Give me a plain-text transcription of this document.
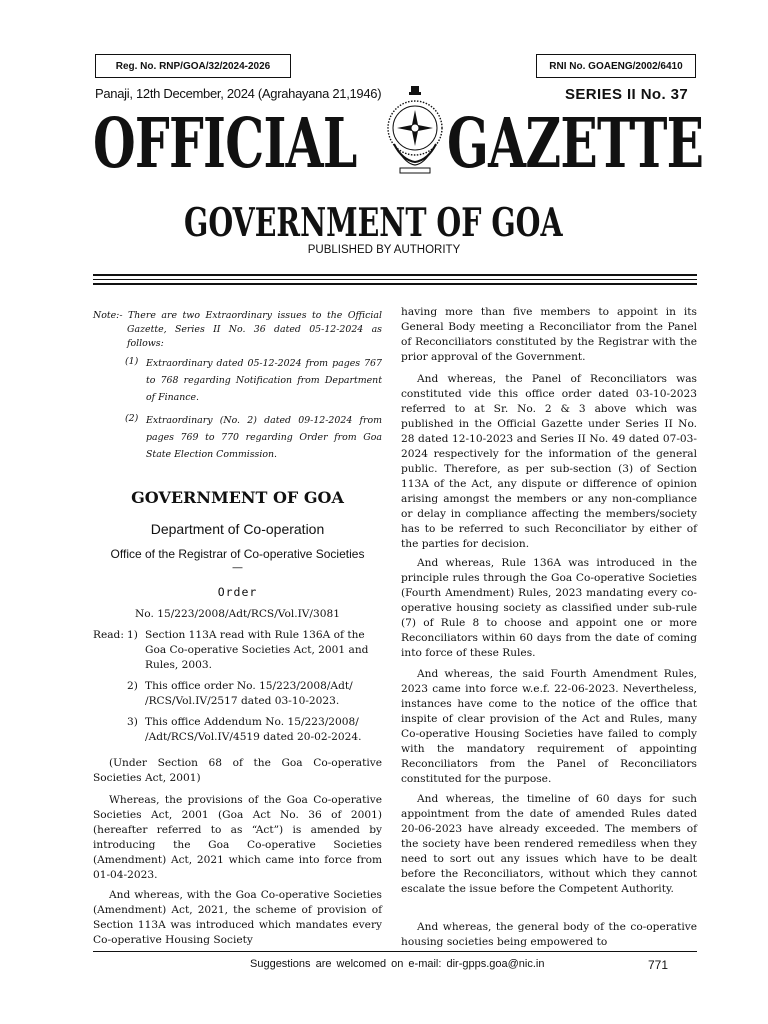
Reg. No. RNP/GOA/32/2024-2026	RNI No. GOAENG/2002/6410
Panaji, 12th December, 2024 (Agrahayana 21,1946)	SERIES II No. 37
OFFICIAL GAZETTE
GOVERNMENT OF GOA
PUBLISHED BY AUTHORITY
Note:- There are two Extraordinary issues to the Official Gazette, Series II No. 36 dated 05-12-2024 as follows:
(1) Extraordinary dated 05-12-2024 from pages 767 to 768 regarding Notification from Department of Finance.
(2) Extraordinary (No. 2) dated 09-12-2024 from pages 769 to 770 regarding Order from Goa State Election Commission.
GOVERNMENT OF GOA
Department of Co-operation
Office of the Registrar of Co-operative Societies
—
Order
No. 15/223/2008/Adt/RCS/Vol.IV/3081
Read: 1) Section 113A read with Rule 136A of the Goa Co-operative Societies Act, 2001 and Rules, 2003.
2) This office order No. 15/223/2008/Adt/ /RCS/Vol.IV/2517 dated 03-10-2023.
3) This office Addendum No. 15/223/2008/ /Adt/RCS/Vol.IV/4519 dated 20-02-2024.
(Under Section 68 of the Goa Co-operative Societies Act, 2001)
Whereas, the provisions of the Goa Co-operative Societies Act, 2001 (Goa Act No. 36 of 2001) (hereafter referred to as “Act”) is amended by introducing the Goa Co-operative Societies (Amendment) Act, 2021 which came into force from 01-04-2023.
And whereas, with the Goa Co-operative Societies (Amendment) Act, 2021, the scheme of provision of Section 113A was introduced which mandates every Co-operative Housing Society
having more than five members to appoint in its General Body meeting a Reconciliator from the Panel of Reconciliators constituted by the Registrar with the prior approval of the Government.
And whereas, the Panel of Reconciliators was constituted vide this office order dated 03-10-2023 referred to at Sr. No. 2 & 3 above which was published in the Official Gazette under Series II No. 28 dated 12-10-2023 and Series II No. 49 dated 07-03-2024 respectively for the information of the general public. Therefore, as per sub-section (3) of Section 113A of the Act, any dispute or difference of opinion arising amongst the members or any non-compliance or delay in compliance affecting the members/society has to be referred to such Reconciliator by either of the parties for decision.
And whereas, Rule 136A was introduced in the principle rules through the Goa Co-operative Societies (Fourth Amendment) Rules, 2023 mandating every co-operative housing society as classified under sub-rule (7) of Rule 8 to choose and appoint one or more Reconciliators within 60 days from the date of coming into force of these Rules.
And whereas, the said Fourth Amendment Rules, 2023 came into force w.e.f. 22-06-2023. Nevertheless, instances have come to the notice of the office that inspite of clear provision of the Act and Rules, many Co-operative Housing Societies have failed to comply with the mandatory requirement of appointing Reconciliators from the Panel of Reconciliators constituted for the purpose.
And whereas, the timeline of 60 days for such appointment from the date of amended Rules dated 20-06-2023 have already exceeded. The members of the society have been rendered remediless when they need to sort out any issues which have to be dealt before the Reconciliators, without which they cannot escalate the issue before the Competent Authority.
And whereas, the general body of the co-operative housing societies being empowered to
Suggestions are welcomed on e-mail: dir-gpps.goa@nic.in	771
